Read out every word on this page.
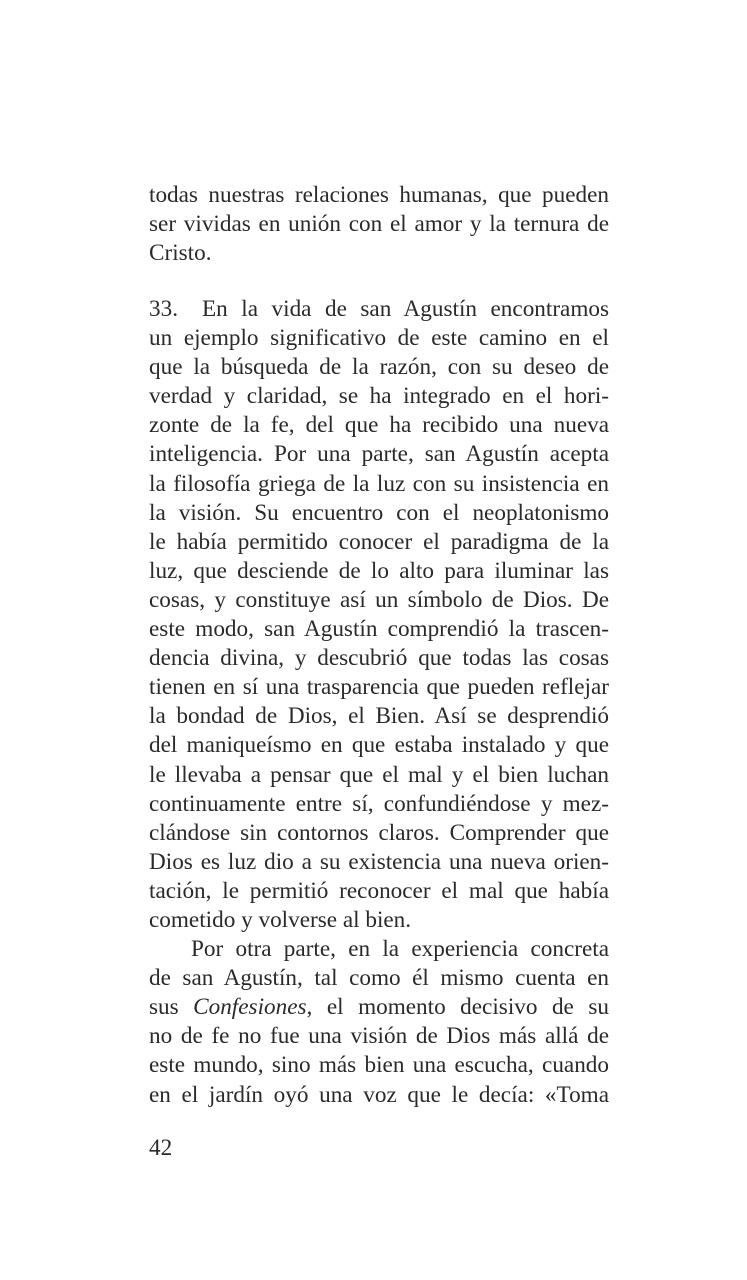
todas nuestras relaciones humanas, que pueden
ser vividas en unión con el amor y la ternura de
Cristo.
33.	En la vida de san Agustín encontramos
un ejemplo significativo de este camino en el
que la búsqueda de la razón, con su deseo de
verdad y claridad, se ha integrado en el hori-
zonte de la fe, del que ha recibido una nueva
inteligencia. Por una parte, san Agustín acepta
la filosofía griega de la luz con su insistencia en
la visión. Su encuentro con el neoplatonismo
le había permitido conocer el paradigma de la
luz, que desciende de lo alto para iluminar las
cosas, y constituye así un símbolo de Dios. De
este modo, san Agustín comprendió la trascen-
dencia divina, y descubrió que todas las cosas
tienen en sí una trasparencia que pueden reflejar
la bondad de Dios, el Bien. Así se desprendió
del maniqueísmo en que estaba instalado y que
le llevaba a pensar que el mal y el bien luchan
continuamente entre sí, confundiéndose y mez-
clándose sin contornos claros. Comprender que
Dios es luz dio a su existencia una nueva orien-
tación, le permitió reconocer el mal que había
cometido y volverse al bien.
Por otra parte, en la experiencia concreta
de san Agustín, tal como él mismo cuenta en
sus Confesiones, el momento decisivo de su
no de fe no fue una visión de Dios más allá de
este mundo, sino más bien una escucha, cuando
en el jardín oyó una voz que le decía: «Toma
42
